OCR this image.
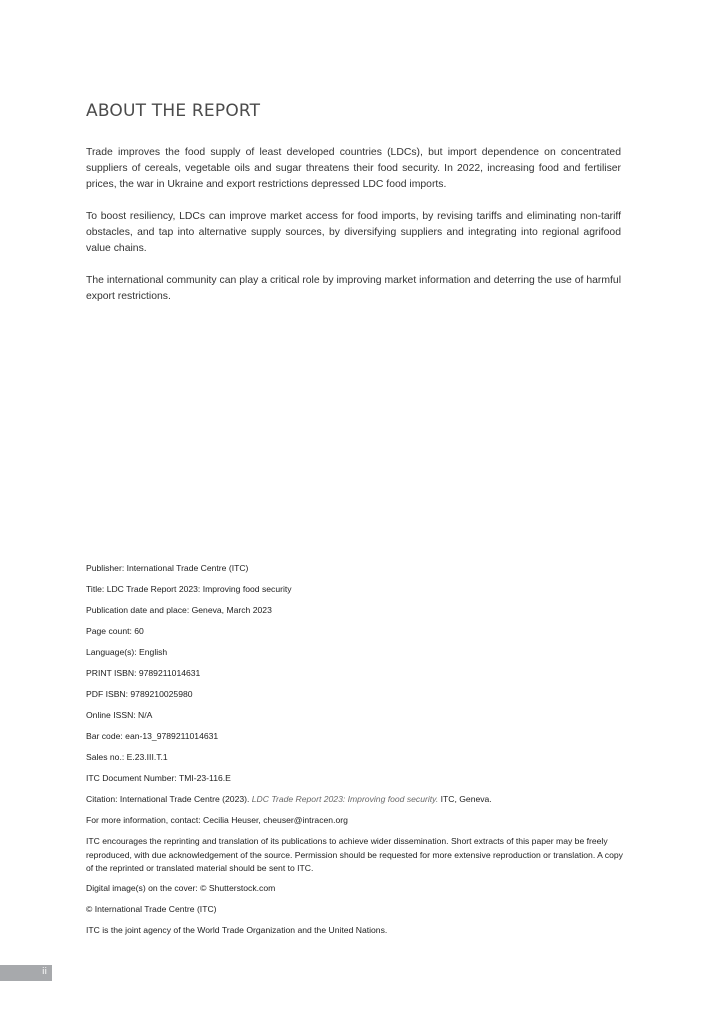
ABOUT THE REPORT

Trade improves the food supply of least developed countries (LDCs), but import dependence on concentrated suppliers of cereals, vegetable oils and sugar threatens their food security. In 2022, increasing food and fertiliser prices, the war in Ukraine and export restrictions depressed LDC food imports.

To boost resiliency, LDCs can improve market access for food imports, by revising tariffs and eliminating non-tariff obstacles, and tap into alternative supply sources, by diversifying suppliers and integrating into regional agrifood value chains.

The international community can play a critical role by improving market information and deterring the use of harmful export restrictions.

Publisher: International Trade Centre (ITC)
Title: LDC Trade Report 2023: Improving food security
Publication date and place: Geneva, March 2023
Page count: 60
Language(s): English
PRINT ISBN: 9789211014631
PDF ISBN: 9789210025980
Online ISSN: N/A
Bar code: ean-13_9789211014631
Sales no.: E.23.III.T.1
ITC Document Number: TMI-23-116.E
Citation: International Trade Centre (2023). LDC Trade Report 2023: Improving food security. ITC, Geneva.
For more information, contact: Cecilia Heuser, cheuser@intracen.org
ITC encourages the reprinting and translation of its publications to achieve wider dissemination. Short extracts of this paper may be freely reproduced, with due acknowledgement of the source. Permission should be requested for more extensive reproduction or translation. A copy of the reprinted or translated material should be sent to ITC.
Digital image(s) on the cover: © Shutterstock.com
© International Trade Centre (ITC)
ITC is the joint agency of the World Trade Organization and the United Nations.
ii
